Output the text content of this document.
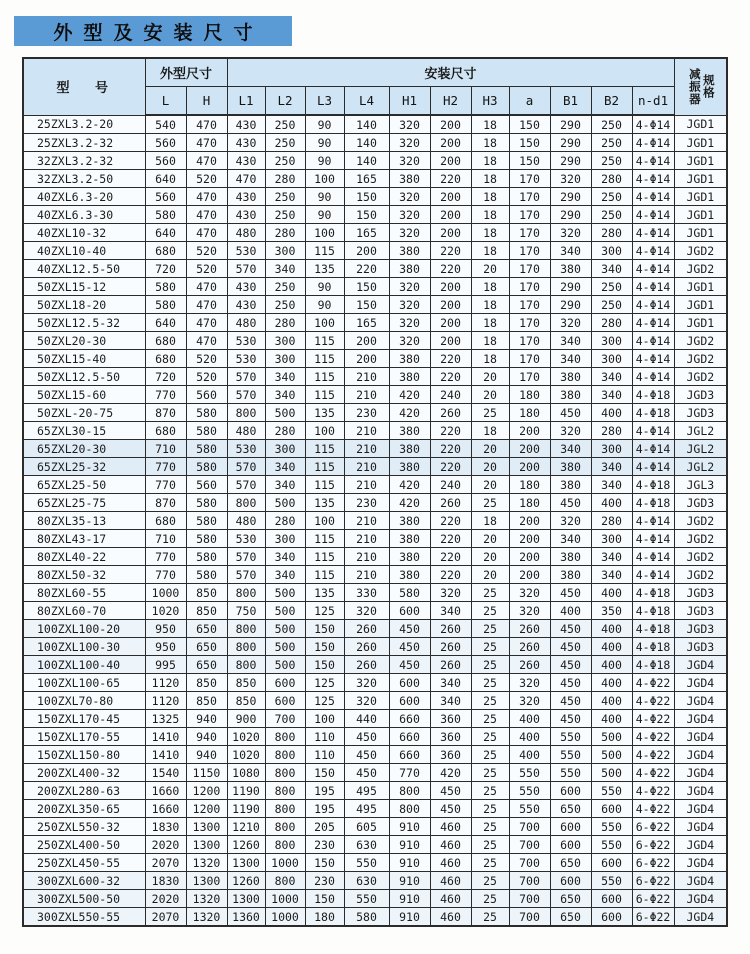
外型及安装尺寸
型 号	外型尺寸		安装尺寸											减振器 规格

	L	H	L1	L2	L3	L4	H1	H2	H3	a	B1	B2	n-d1	
25ZXL3.2-20	540	470	430	250	90	140	320	200	18	150	290	250	4-Φ14	JGD1
25ZXL3.2-32	560	470	430	250	90	140	320	200	18	150	290	250	4-Φ14	JGD1
32ZXL3.2-32	560	470	430	250	90	140	320	200	18	150	290	250	4-Φ14	JGD1
32ZXL3.2-50	640	520	470	280	100	165	380	220	18	170	320	280	4-Φ14	JGD1
40ZXL6.3-20	560	470	430	250	90	150	320	200	18	170	290	250	4-Φ14	JGD1
40ZXL6.3-30	580	470	430	250	90	150	320	200	18	170	290	250	4-Φ14	JGD1
40ZXL10-32	640	470	480	280	100	165	320	200	18	170	320	280	4-Φ14	JGD1
40ZXL10-40	680	520	530	300	115	200	380	220	18	170	340	300	4-Φ14	JGD2
40ZXL12.5-50	720	520	570	340	135	220	380	220	20	170	380	340	4-Φ14	JGD2
50ZXL15-12	580	470	430	250	90	150	320	200	18	170	290	250	4-Φ14	JGD1
50ZXL18-20	580	470	430	250	90	150	320	200	18	170	290	250	4-Φ14	JGD1
50ZXL12.5-32	640	470	480	280	100	165	320	200	18	170	320	280	4-Φ14	JGD1
50ZXL20-30	680	470	530	300	115	200	320	200	18	170	340	300	4-Φ14	JGD2
50ZXL15-40	680	520	530	300	115	200	380	220	18	170	340	300	4-Φ14	JGD2
50ZXL12.5-50	720	520	570	340	115	210	380	220	20	170	380	340	4-Φ14	JGD2
50ZXL15-60	770	560	570	340	115	210	420	240	20	180	380	340	4-Φ18	JGD3
50ZXL-20-75	870	580	800	500	135	230	420	260	25	180	450	400	4-Φ18	JGD3
65ZXL30-15	680	580	480	280	100	210	380	220	18	200	320	280	4-Φ14	JGL2
65ZXL20-30	710	580	530	300	115	210	380	220	20	200	340	300	4-Φ14	JGL2
65ZXL25-32	770	580	570	340	115	210	380	220	20	200	380	340	4-Φ14	JGL2
65ZXL25-50	770	560	570	340	115	210	420	240	20	180	380	340	4-Φ18	JGL3
65ZXL25-75	870	580	800	500	135	230	420	260	25	180	450	400	4-Φ18	JGD3
80ZXL35-13	680	580	480	280	100	210	380	220	18	200	320	280	4-Φ14	JGD2
80ZXL43-17	710	580	530	300	115	210	380	220	20	200	340	300	4-Φ14	JGD2
80ZXL40-22	770	580	570	340	115	210	380	220	20	200	380	340	4-Φ14	JGD2
80ZXL50-32	770	580	570	340	115	210	380	220	20	200	380	340	4-Φ14	JGD2
80ZXL60-55	1000	850	800	500	135	330	580	320	25	320	450	400	4-Φ18	JGD3
80ZXL60-70	1020	850	750	500	125	320	600	340	25	320	400	350	4-Φ18	JGD3
100ZXL100-20	950	650	800	500	150	260	450	260	25	260	450	400	4-Φ18	JGD3
100ZXL100-30	950	650	800	500	150	260	450	260	25	260	450	400	4-Φ18	JGD3
100ZXL100-40	995	650	800	500	150	260	450	260	25	260	450	400	4-Φ18	JGD4
100ZXL100-65	1120	850	850	600	125	320	600	340	25	320	450	400	4-Φ22	JGD4
100ZXL70-80	1120	850	850	600	125	320	600	340	25	320	450	400	4-Φ22	JGD4
150ZXL170-45	1325	940	900	700	100	440	660	360	25	400	450	400	4-Φ22	JGD4
150ZXL170-55	1410	940	1020	800	110	450	660	360	25	400	550	500	4-Φ22	JGD4
150ZXL150-80	1410	940	1020	800	110	450	660	360	25	400	550	500	4-Φ22	JGD4
200ZXL400-32	1540	1150	1080	800	150	450	770	420	25	550	550	500	4-Φ22	JGD4
200ZXL280-63	1660	1200	1190	800	195	495	800	450	25	550	600	550	4-Φ22	JGD4
200ZXL350-65	1660	1200	1190	800	195	495	800	450	25	550	650	600	4-Φ22	JGD4
250ZXL550-32	1830	1300	1210	800	205	605	910	460	25	700	600	550	6-Φ22	JGD4
250ZXL400-50	2020	1300	1260	800	230	630	910	460	25	700	600	550	6-Φ22	JGD4
250ZXL450-55	2070	1320	1300	1000	150	550	910	460	25	700	650	600	6-Φ22	JGD4
300ZXL600-32	1830	1300	1260	800	230	630	910	460	25	700	600	550	6-Φ22	JGD4
300ZXL500-50	2020	1320	1300	1000	150	550	910	460	25	700	650	600	6-Φ22	JGD4
300ZXL550-55	2070	1320	1360	1000	180	580	910	460	25	700	650	600	6-Φ22	JGD4
